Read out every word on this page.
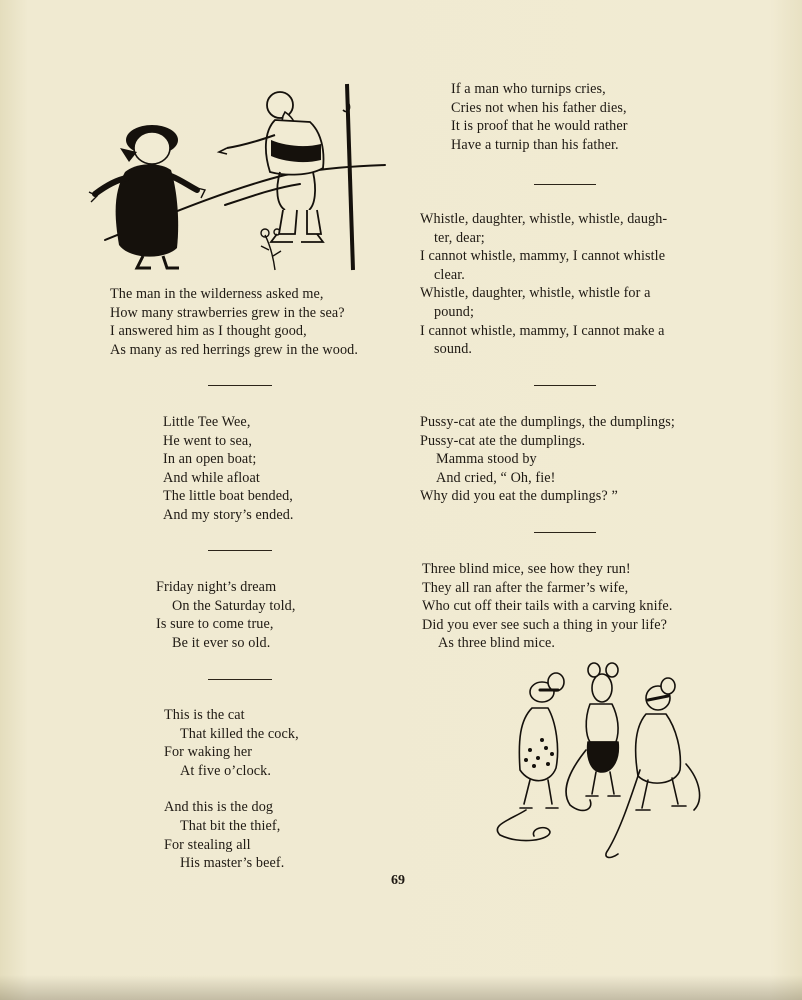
The man in the wilderness asked me,
How many strawberries grew in the sea?
I answered him as I thought good,
As many as red herrings grew in the wood.
Little Tee Wee,
He went to sea,
In an open boat;
And while afloat
The little boat bended,
And my story’s ended.
Friday night’s dream
On the Saturday told,
Is sure to come true,
Be it ever so old.
This is the cat
That killed the cock,
For waking her
At five o’clock.
And this is the dog
That bit the thief,
For stealing all
His master’s beef.
If a man who turnips cries,
Cries not when his father dies,
It is proof that he would rather
Have a turnip than his father.
Whistle, daughter, whistle, whistle, daugh-
ter, dear;
I cannot whistle, mammy, I cannot whistle
clear.
Whistle, daughter, whistle, whistle for a
pound;
I cannot whistle, mammy, I cannot make a
sound.
Pussy-cat ate the dumplings, the dumplings;
Pussy-cat ate the dumplings.
Mamma stood by
And cried, “ Oh, fie!
Why did you eat the dumplings? ”
Three blind mice, see how they run!
They all ran after the farmer’s wife,
Who cut off their tails with a carving knife.
Did you ever see such a thing in your life?
As three blind mice.
69
